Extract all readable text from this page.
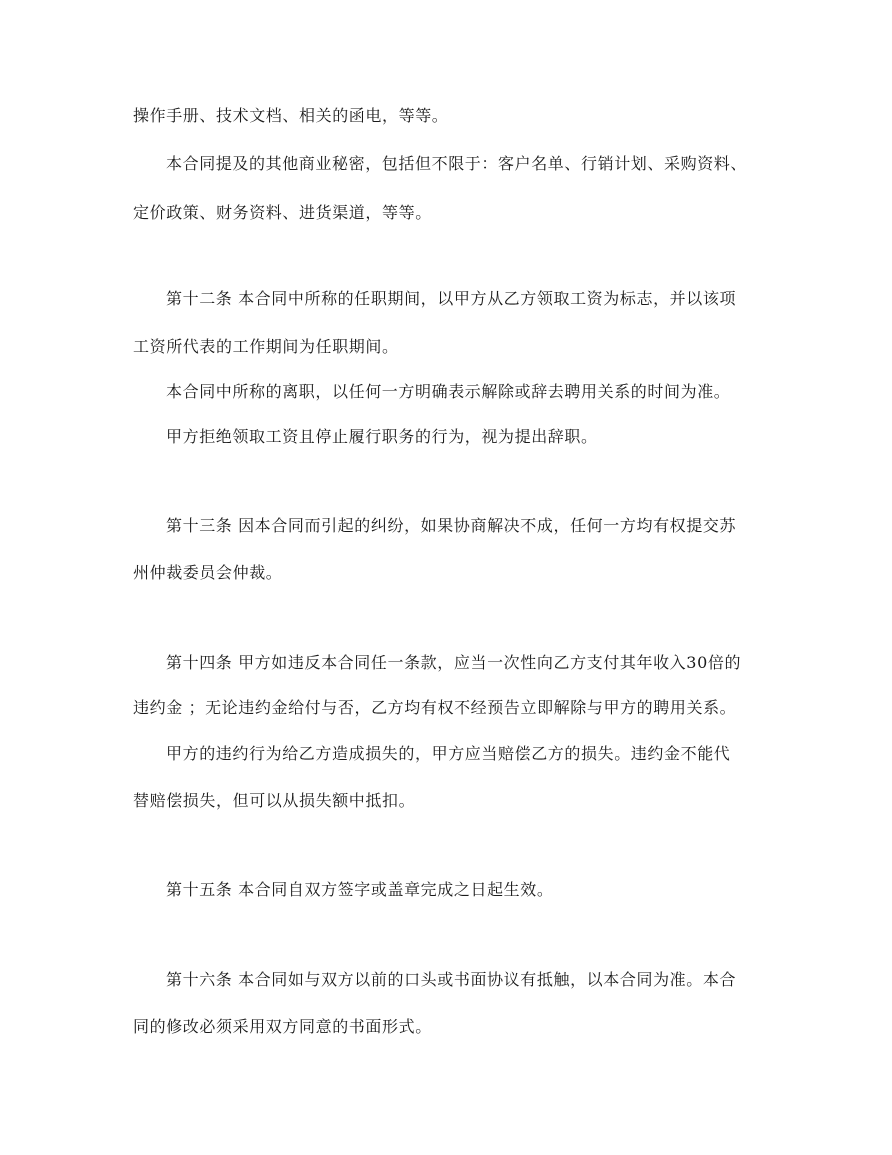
操作手册、技术文档、相关的函电，等等。
本合同提及的其他商业秘密，包括但不限于：客户名单、行销计划、采购资料、
定价政策、财务资料、进货渠道，等等。
第十二条 本合同中所称的任职期间，以甲方从乙方领取工资为标志，并以该项
工资所代表的工作期间为任职期间。
本合同中所称的离职，以任何一方明确表示解除或辞去聘用关系的时间为准。
甲方拒绝领取工资且停止履行职务的行为，视为提出辞职。
第十三条 因本合同而引起的纠纷，如果协商解决不成，任何一方均有权提交苏
州仲裁委员会仲裁。
第十四条 甲方如违反本合同任一条款，应当一次性向乙方支付其年收入30倍的
违约金 ；无论违约金给付与否，乙方均有权不经预告立即解除与甲方的聘用关系。
甲方的违约行为给乙方造成损失的，甲方应当赔偿乙方的损失。违约金不能代
替赔偿损失，但可以从损失额中抵扣。
第十五条 本合同自双方签字或盖章完成之日起生效。
第十六条 本合同如与双方以前的口头或书面协议有抵触，以本合同为准。本合
同的修改必须采用双方同意的书面形式。
